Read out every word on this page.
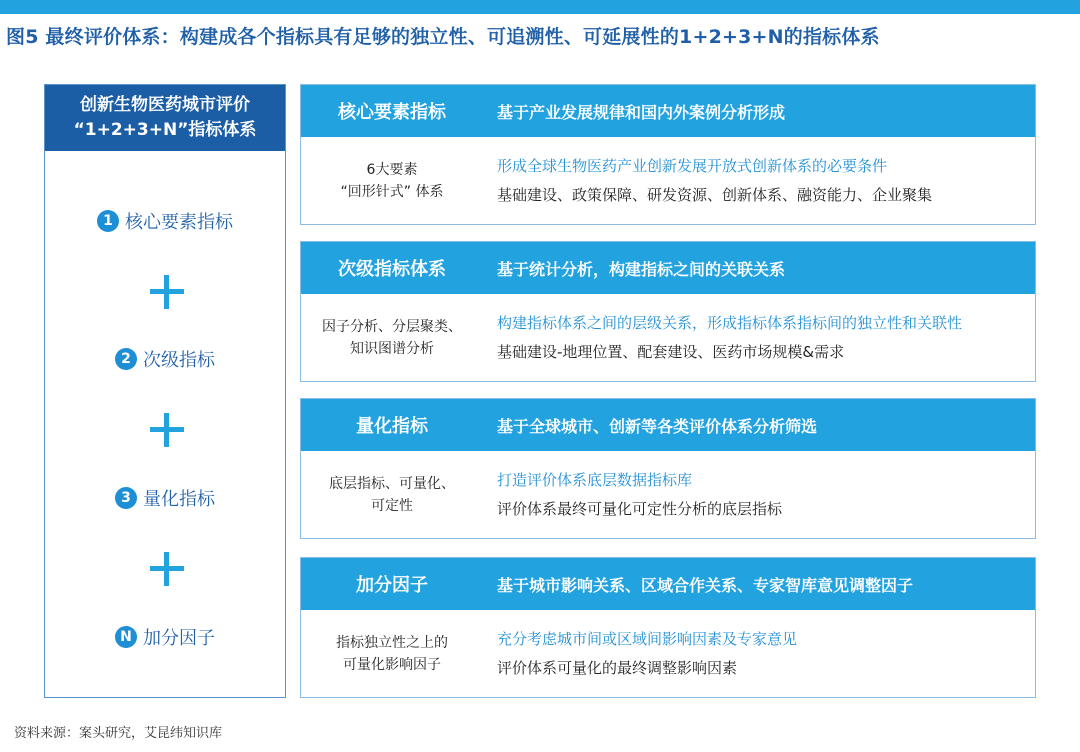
图5 最终评价体系：构建成各个指标具有足够的独立性、可追溯性、可延展性的1+2+3+N的指标体系
创新生物医药城市评价
“1+2+3+N”指标体系
1 核心要素指标
2 次级指标
3 量化指标
N 加分因子
核心要素指标	基于产业发展规律和国内外案例分析形成
6大要素
“回形针式” 体系
形成全球生物医药产业创新发展开放式创新体系的必要条件
基础建设、政策保障、研发资源、创新体系、融资能力、企业聚集
次级指标体系	基于统计分析，构建指标之间的关联关系
因子分析、分层聚类、
知识图谱分析
构建指标体系之间的层级关系，形成指标体系指标间的独立性和关联性
基础建设-地理位置、配套建设、医药市场规模&需求
量化指标	基于全球城市、创新等各类评价体系分析筛选
底层指标、可量化、
可定性
打造评价体系底层数据指标库
评价体系最终可量化可定性分析的底层指标
加分因子	基于城市影响关系、区域合作关系、专家智库意见调整因子
指标独立性之上的
可量化影响因子
充分考虑城市间或区域间影响因素及专家意见
评价体系可量化的最终调整影响因素
资料来源：案头研究，艾昆纬知识库
